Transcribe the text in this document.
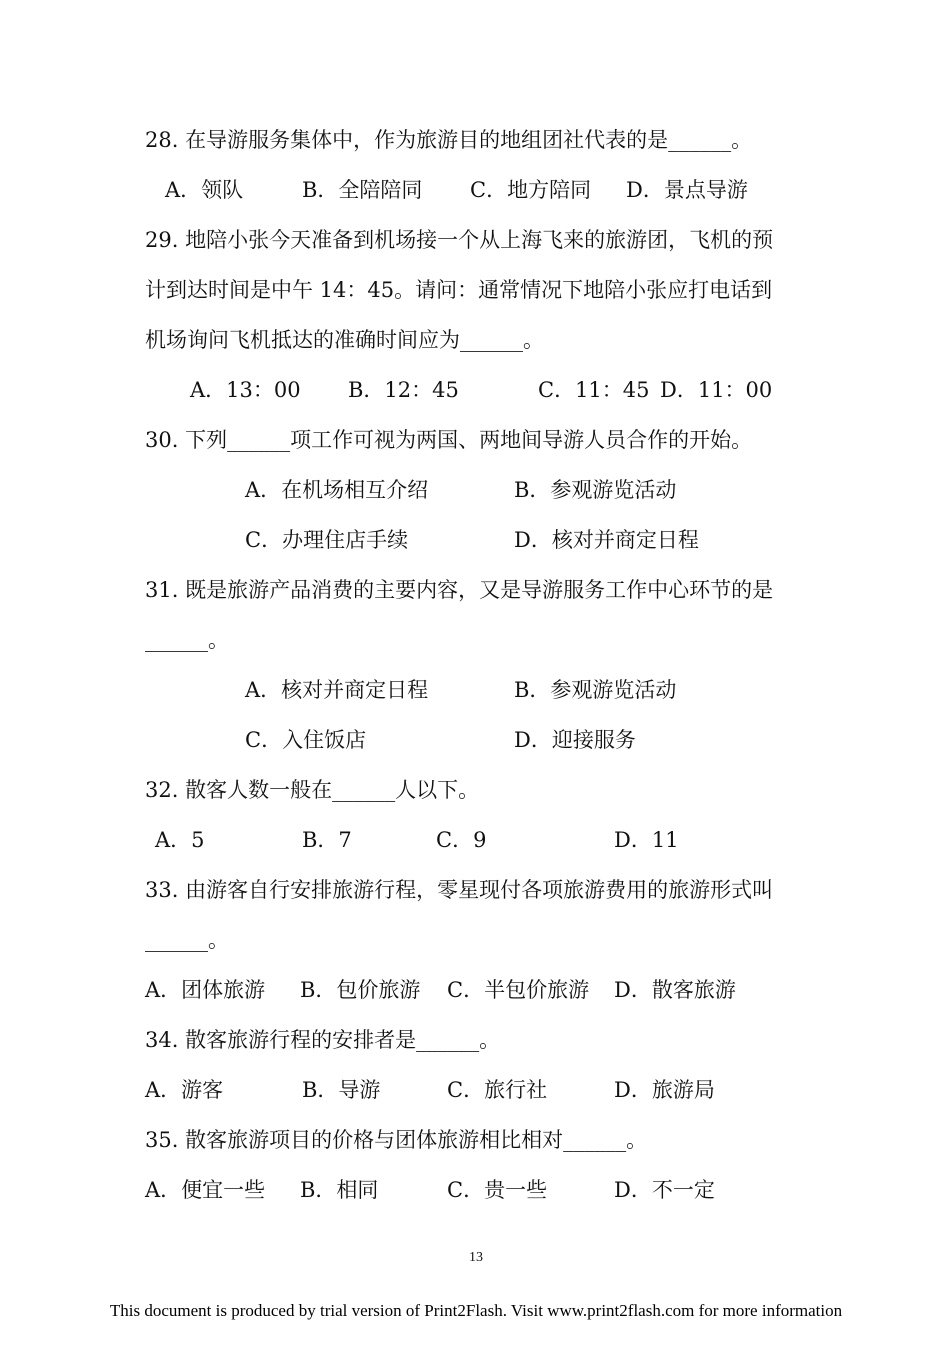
28. 在导游服务集体中，作为旅游目的地组团社代表的是______。
A．领队	B．全陪陪同 C．地方陪同 D．景点导游
29. 地陪小张今天准备到机场接一个从上海飞来的旅游团，飞机的预
计到达时间是中午 14：45。请问：通常情况下地陪小张应打电话到
机场询问飞机抵达的准确时间应为______。
A．13：00 B．12：45	C．11：45 D．11：00
30. 下列______项工作可视为两国、两地间导游人员合作的开始。
A．在机场相互介绍	B．参观游览活动
C．办理住店手续	D．核对并商定日程
31. 既是旅游产品消费的主要内容，又是导游服务工作中心环节的是
______。
A．核对并商定日程	B．参观游览活动
C．入住饭店	D．迎接服务
32. 散客人数一般在______人以下。
A．5	B．7	C．9	D．11
33. 由游客自行安排旅游行程，零星现付各项旅游费用的旅游形式叫
______。
A．团体旅游 B．包价旅游 C．半包价旅游 D．散客旅游
34. 散客旅游行程的安排者是______。
A．游客	B．导游	C．旅行社	D．旅游局
35. 散客旅游项目的价格与团体旅游相比相对______。
A．便宜一些 B．相同	C．贵一些	D．不一定
13
This document is produced by trial version of Print2Flash. Visit www.print2flash.com for more information
